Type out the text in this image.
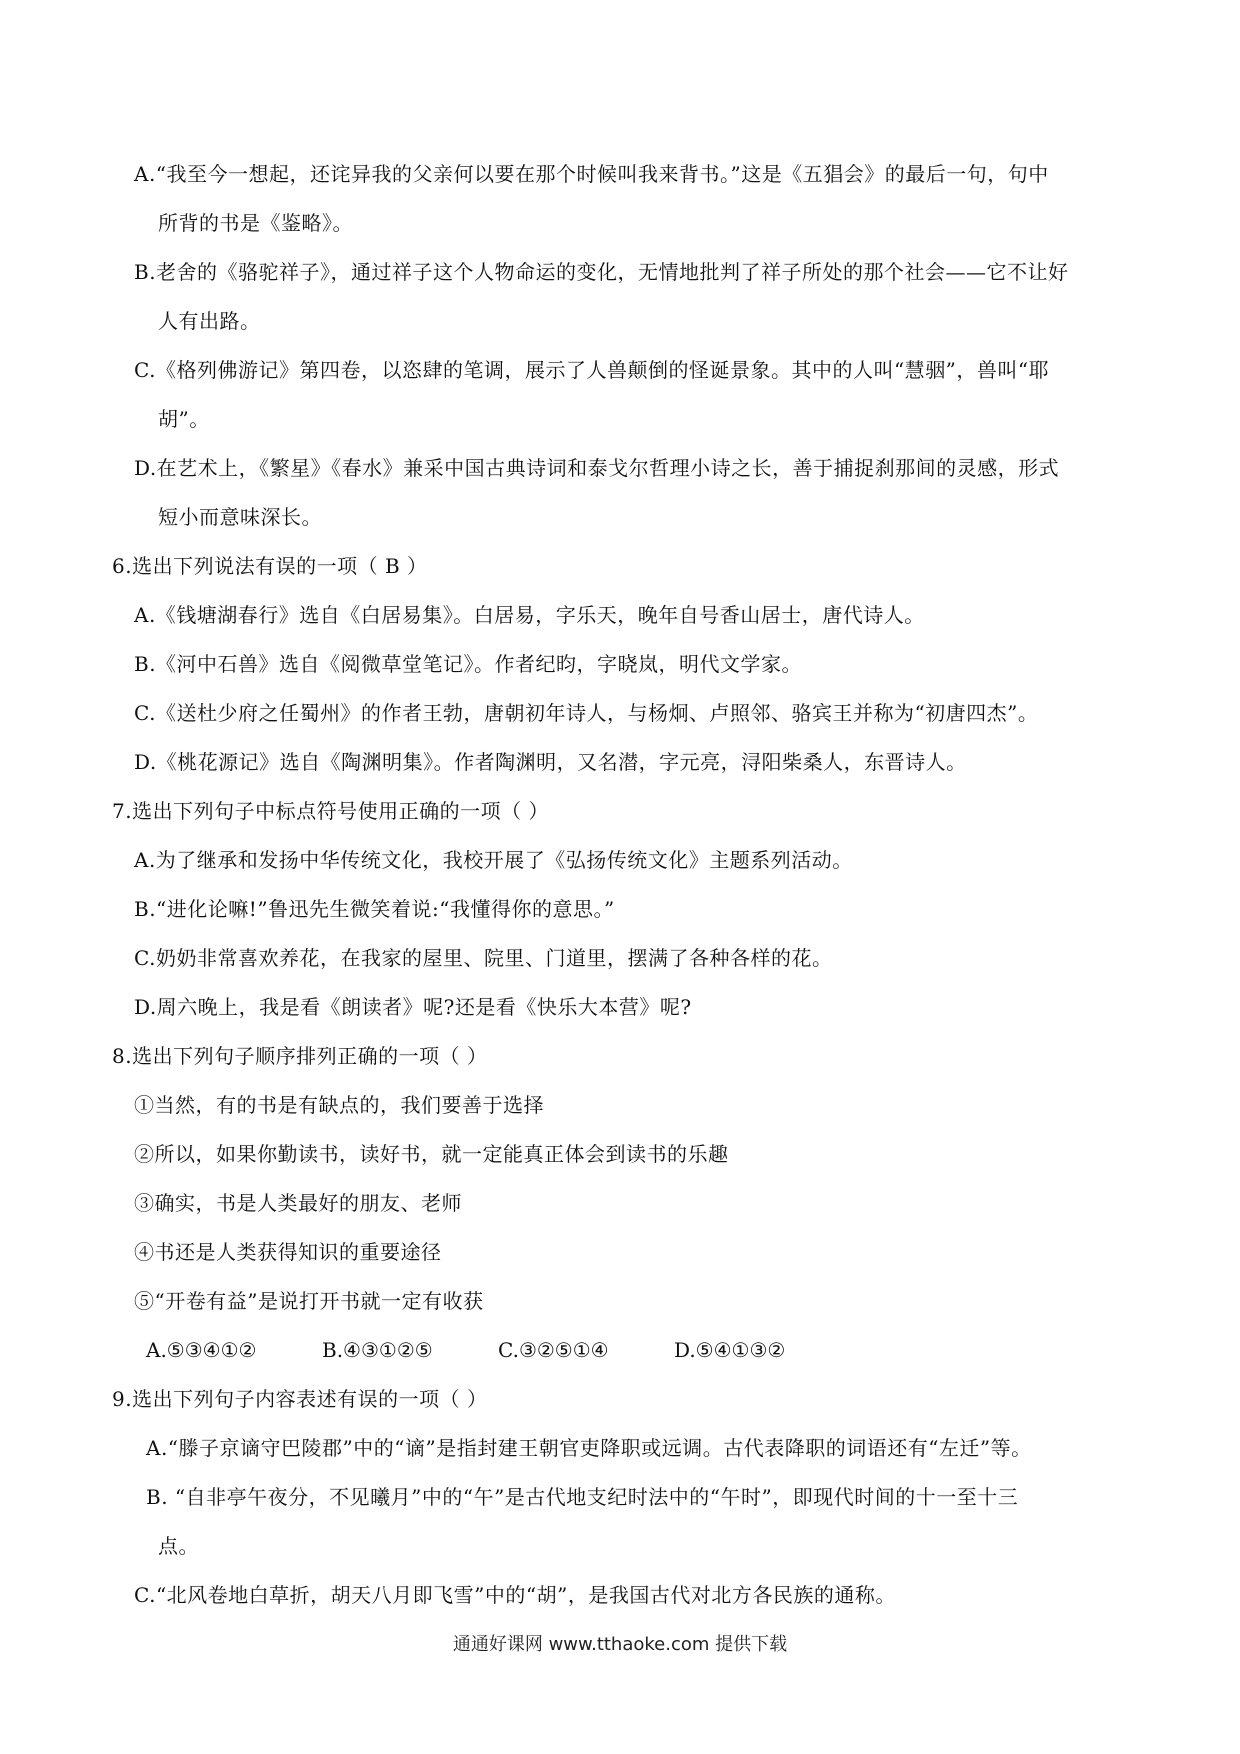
A.“我至今一想起，还诧异我的父亲何以要在那个时候叫我来背书。”这是《五猖会》的最后一句，句中
所背的书是《鉴略》。
B.老舍的《骆驼祥子》，通过祥子这个人物命运的变化，无情地批判了祥子所处的那个社会——它不让好
人有出路。
C.《格列佛游记》第四卷，以恣肆的笔调，展示了人兽颠倒的怪诞景象。其中的人叫“慧骃”，兽叫“耶
胡”。
D.在艺术上，《繁星》《春水》兼采中国古典诗词和泰戈尔哲理小诗之长，善于捕捉刹那间的灵感，形式
短小而意味深长。
6.选出下列说法有误的一项（ B ）
A.《钱塘湖春行》选自《白居易集》。白居易，字乐天，晚年自号香山居士，唐代诗人。
B.《河中石兽》选自《阅微草堂笔记》。作者纪昀，字晓岚，明代文学家。
C.《送杜少府之任蜀州》的作者王勃，唐朝初年诗人，与杨炯、卢照邻、骆宾王并称为“初唐四杰”。
D.《桃花源记》选自《陶渊明集》。作者陶渊明，又名潜，字元亮，浔阳柴桑人，东晋诗人。
7.选出下列句子中标点符号使用正确的一项（ ）
A.为了继承和发扬中华传统文化，我校开展了《弘扬传统文化》主题系列活动。
B.“进化论嘛!”鲁迅先生微笑着说:“我懂得你的意思。”
C.奶奶非常喜欢养花，在我家的屋里、院里、门道里，摆满了各种各样的花。
D.周六晚上，我是看《朗读者》呢?还是看《快乐大本营》呢?
8.选出下列句子顺序排列正确的一项（ ）
①当然，有的书是有缺点的，我们要善于选择
②所以，如果你勤读书，读好书，就一定能真正体会到读书的乐趣
③确实，书是人类最好的朋友、老师
④书还是人类获得知识的重要途径
⑤“开卷有益”是说打开书就一定有收获
A.⑤③④①②	B.④③①②⑤	C.③②⑤①④	D.⑤④①③②
9.选出下列句子内容表述有误的一项（ ）
A.“滕子京谪守巴陵郡”中的“谪”是指封建王朝官吏降职或远调。古代表降职的词语还有“左迁”等。
B. “自非亭午夜分，不见曦月”中的“午”是古代地支纪时法中的“午时”，即现代时间的十一至十三
点。
C.“北风卷地白草折，胡天八月即飞雪”中的“胡”，是我国古代对北方各民族的通称。
通通好课网 www.tthaoke.com 提供下载
